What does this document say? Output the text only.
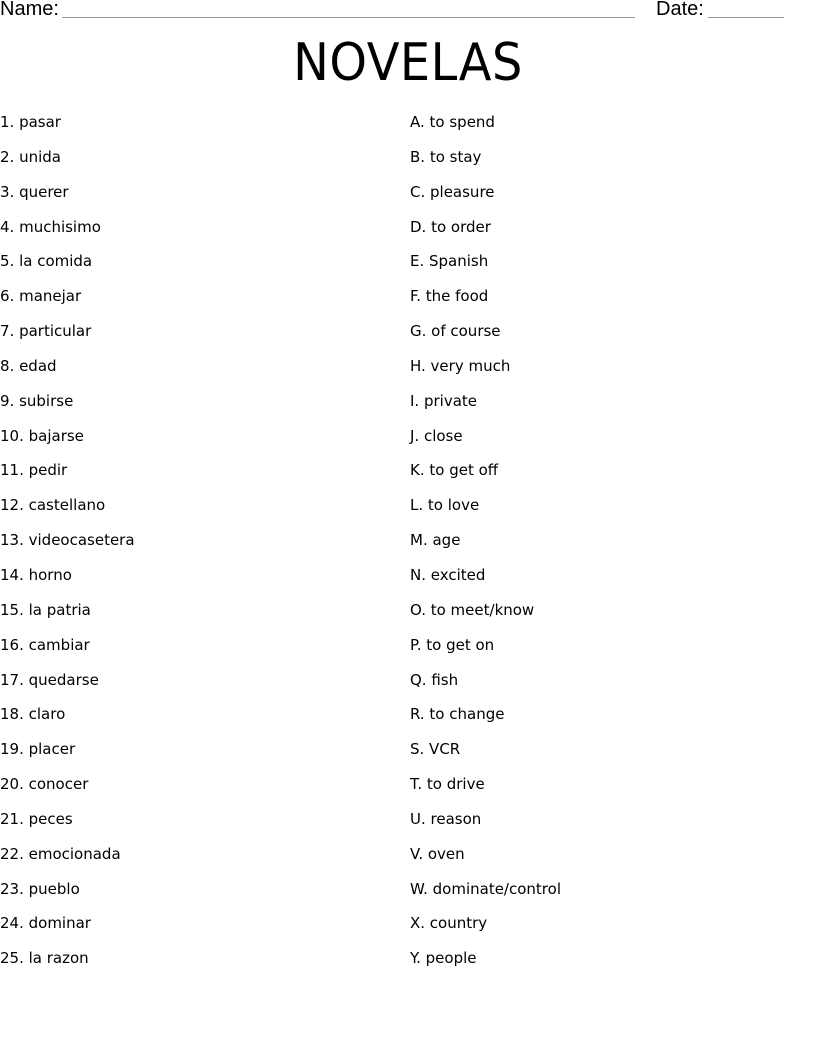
Name:	Date:
NOVELAS
1. pasar
2. unida
3. querer
4. muchisimo
5. la comida
6. manejar
7. particular
8. edad
9. subirse
10. bajarse
11. pedir
12. castellano
13. videocasetera
14. horno
15. la patria
16. cambiar
17. quedarse
18. claro
19. placer
20. conocer
21. peces
22. emocionada
23. pueblo
24. dominar
25. la razon
A. to spend
B. to stay
C. pleasure
D. to order
E. Spanish
F. the food
G. of course
H. very much
I. private
J. close
K. to get off
L. to love
M. age
N. excited
O. to meet/know
P. to get on
Q. fish
R. to change
S. VCR
T. to drive
U. reason
V. oven
W. dominate/control
X. country
Y. people
